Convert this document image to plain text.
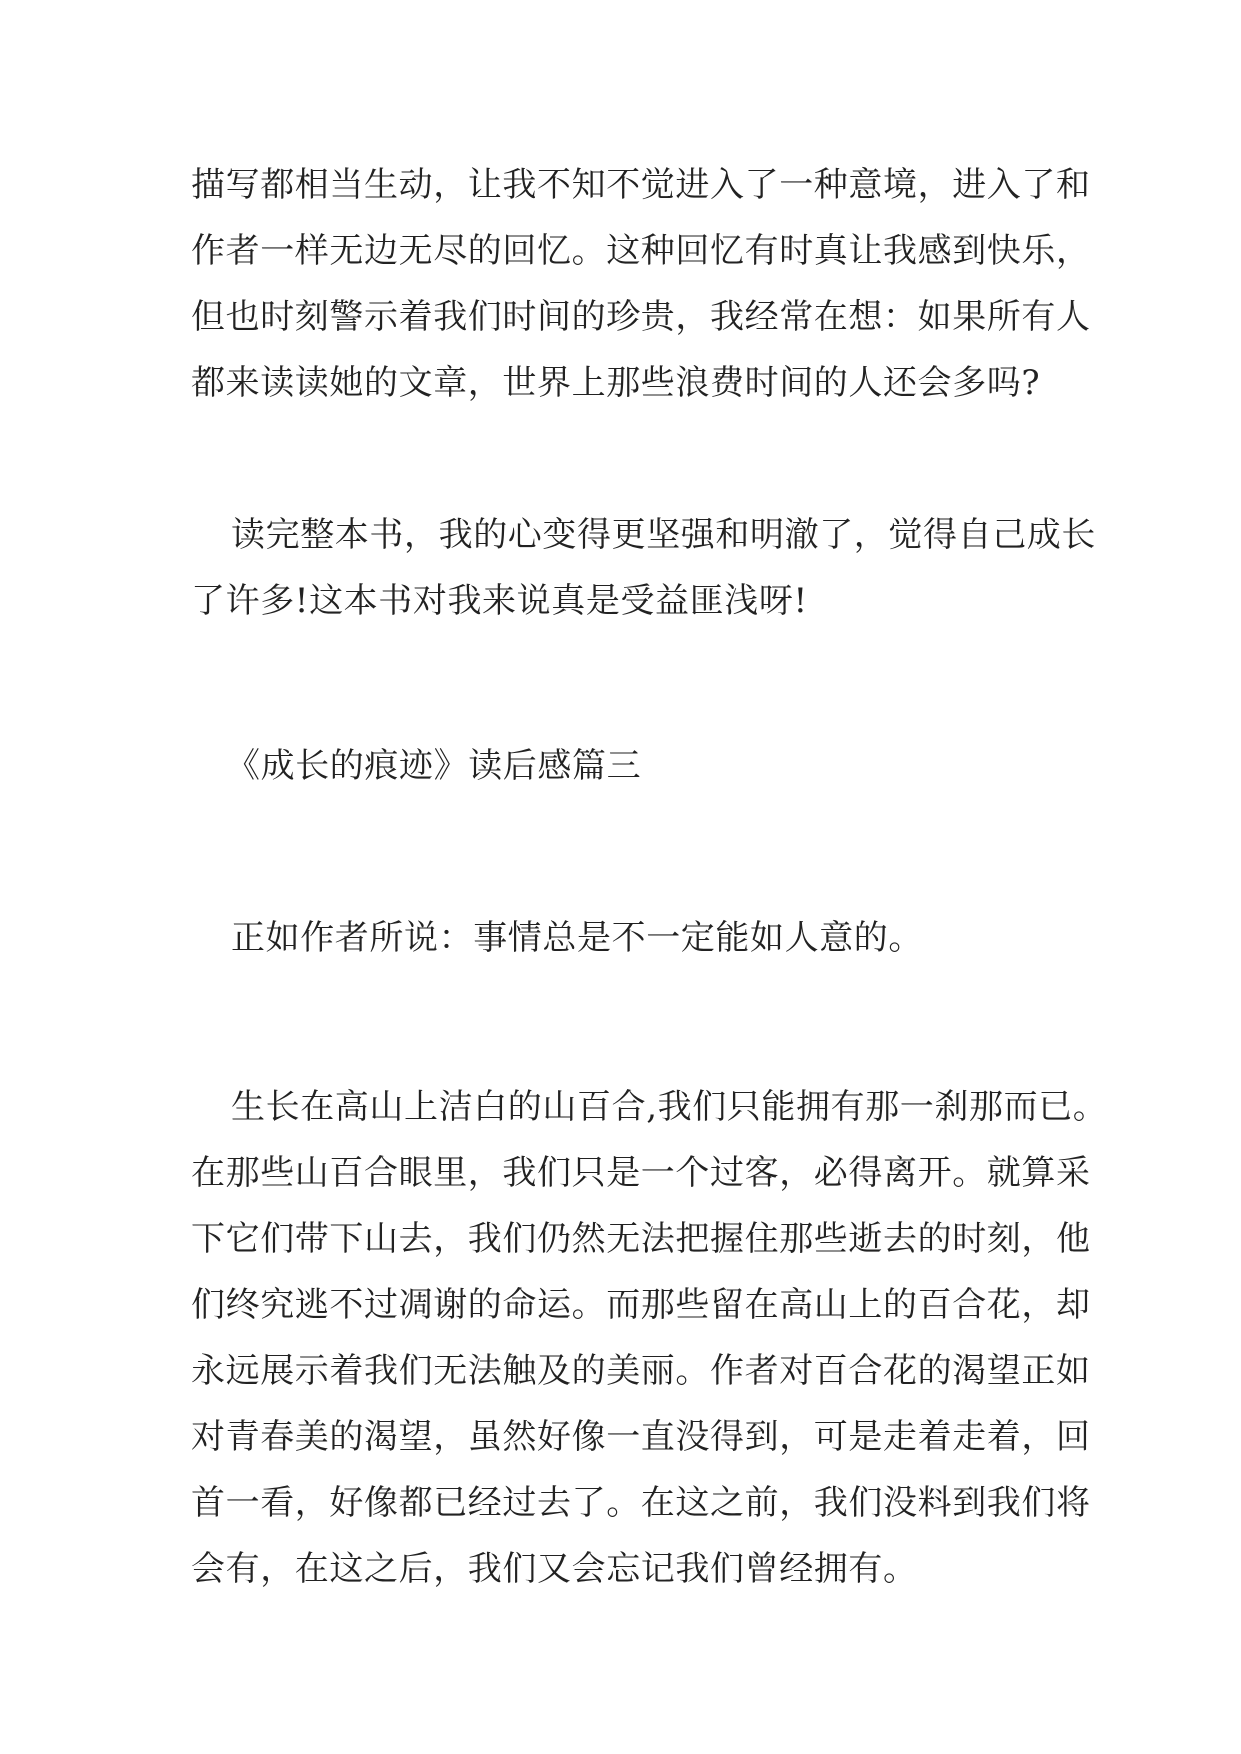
描写都相当生动，让我不知不觉进入了一种意境，进入了和
作者一样无边无尽的回忆。这种回忆有时真让我感到快乐，
但也时刻警示着我们时间的珍贵，我经常在想：如果所有人
都来读读她的文章，世界上那些浪费时间的人还会多吗?
读完整本书，我的心变得更坚强和明澈了，觉得自己成长
了许多!这本书对我来说真是受益匪浅呀!
《成长的痕迹》读后感篇三
正如作者所说：事情总是不一定能如人意的。
生长在高山上洁白的山百合,我们只能拥有那一刹那而已。
在那些山百合眼里，我们只是一个过客，必得离开。就算采
下它们带下山去，我们仍然无法把握住那些逝去的时刻，他
们终究逃不过凋谢的命运。而那些留在高山上的百合花，却
永远展示着我们无法触及的美丽。作者对百合花的渴望正如
对青春美的渴望，虽然好像一直没得到，可是走着走着，回
首一看，好像都已经过去了。在这之前，我们没料到我们将
会有，在这之后，我们又会忘记我们曾经拥有。
